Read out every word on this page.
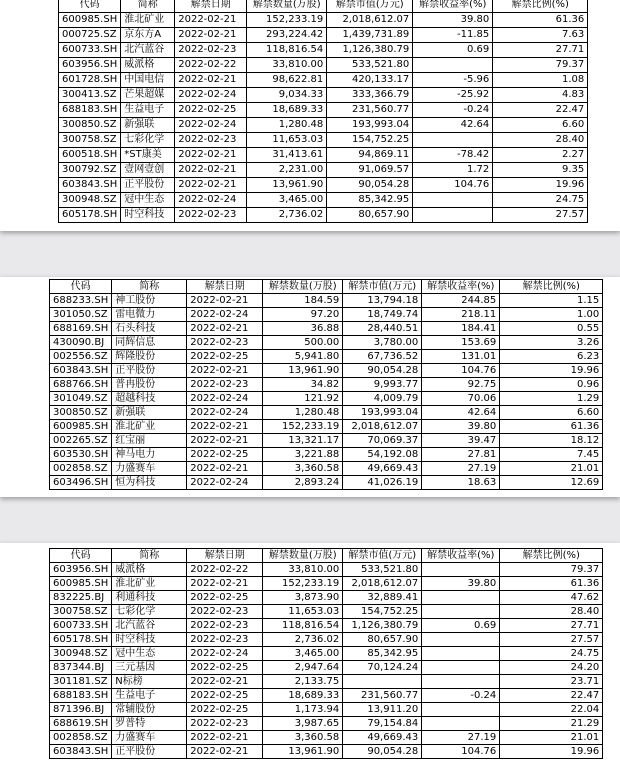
代码	简称	解禁日期	解禁数量(万股)	解禁市值(万元)	解禁收益率(%)	解禁比例(%)
600985.SH	淮北矿业	2022-02-21	152,233.19	2,018,612.07	39.80	61.36
000725.SZ	京东方A	2022-02-21	293,224.42	1,439,731.89	-11.85	7.63
600733.SH	北汽蓝谷	2022-02-23	118,816.54	1,126,380.79	0.69	27.71
603956.SH	威派格	2022-02-22	33,810.00	533,521.80		79.37
601728.SH	中国电信	2022-02-21	98,622.81	420,133.17	-5.96	1.08
300413.SZ	芒果超媒	2022-02-24	9,034.33	333,366.79	-25.92	4.83
688183.SH	生益电子	2022-02-25	18,689.33	231,560.77	-0.24	22.47
300850.SZ	新强联	2022-02-24	1,280.48	193,993.04	42.64	6.60
300758.SZ	七彩化学	2022-02-23	11,653.03	154,752.25		28.40
600518.SH	*ST康美	2022-02-21	31,413.61	94,869.11	-78.42	2.27
300792.SZ	壹网壹创	2022-02-21	2,231.00	91,069.57	1.72	9.35
603843.SH	正平股份	2022-02-21	13,961.90	90,054.28	104.76	19.96
300948.SZ	冠中生态	2022-02-24	3,465.00	85,342.95		24.75
605178.SH	时空科技	2022-02-23	2,736.02	80,657.90		27.57
代码	简称	解禁日期	解禁数量(万股)	解禁市值(万元)	解禁收益率(%)	解禁比例(%)
688233.SH	神工股份	2022-02-21	184.59	13,794.18	244.85	1.15
301050.SZ	雷电微力	2022-02-24	97.20	18,749.74	218.11	1.00
688169.SH	石头科技	2022-02-21	36.88	28,440.51	184.41	0.55
430090.BJ	同辉信息	2022-02-23	500.00	3,780.00	153.69	3.26
002556.SZ	辉隆股份	2022-02-25	5,941.80	67,736.52	131.01	6.23
603843.SH	正平股份	2022-02-21	13,961.90	90,054.28	104.76	19.96
688766.SH	普冉股份	2022-02-23	34.82	9,993.77	92.75	0.96
301049.SZ	超越科技	2022-02-24	121.92	4,009.79	70.06	1.29
300850.SZ	新强联	2022-02-24	1,280.48	193,993.04	42.64	6.60
600985.SH	淮北矿业	2022-02-21	152,233.19	2,018,612.07	39.80	61.36
002265.SZ	红宝丽	2022-02-21	13,321.17	70,069.37	39.47	18.12
603530.SH	神马电力	2022-02-25	3,221.88	54,192.08	27.81	7.45
002858.SZ	力盛赛车	2022-02-21	3,360.58	49,669.43	27.19	21.01
603496.SH	恒为科技	2022-02-24	2,893.24	41,026.19	18.63	12.69
代码	简称	解禁日期	解禁数量(万股)	解禁市值(万元)	解禁收益率(%)	解禁比例(%)
603956.SH	威派格	2022-02-22	33,810.00	533,521.80		79.37
600985.SH	淮北矿业	2022-02-21	152,233.19	2,018,612.07	39.80	61.36
832225.BJ	利通科技	2022-02-25	3,873.90	32,889.41		47.62
300758.SZ	七彩化学	2022-02-23	11,653.03	154,752.25		28.40
600733.SH	北汽蓝谷	2022-02-23	118,816.54	1,126,380.79	0.69	27.71
605178.SH	时空科技	2022-02-23	2,736.02	80,657.90		27.57
300948.SZ	冠中生态	2022-02-24	3,465.00	85,342.95		24.75
837344.BJ	三元基因	2022-02-25	2,947.64	70,124.24		24.20
301181.SZ	N标榜	2022-02-21	2,133.75			23.71
688183.SH	生益电子	2022-02-25	18,689.33	231,560.77	-0.24	22.47
871396.BJ	常辅股份	2022-02-25	1,173.94	13,911.20		22.04
688619.SH	罗普特	2022-02-23	3,987.65	79,154.84		21.29
002858.SZ	力盛赛车	2022-02-21	3,360.58	49,669.43	27.19	21.01
603843.SH	正平股份	2022-02-21	13,961.90	90,054.28	104.76	19.96
